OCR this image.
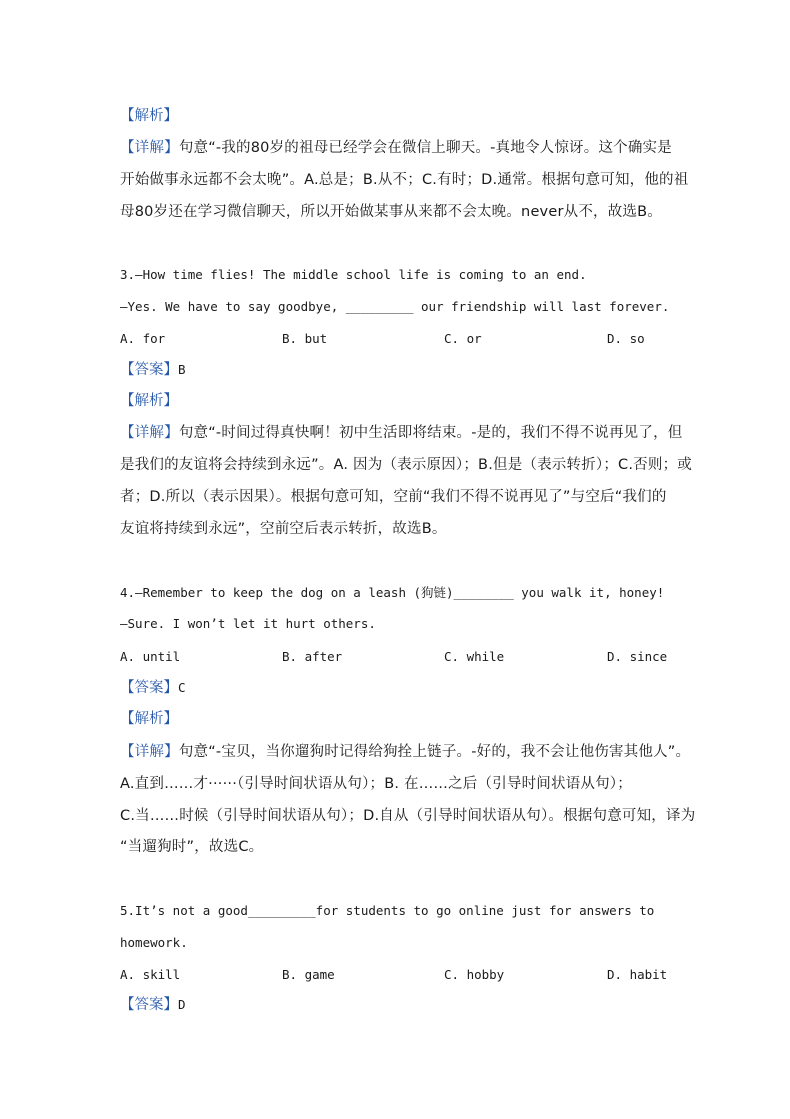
【解析】
【详解】句意“-我的80岁的祖母已经学会在微信上聊天。-真地令人惊讶。这个确实是
开始做事永远都不会太晚”。A.总是；B.从不；C.有时；D.通常。根据句意可知，他的祖
母80岁还在学习微信聊天，所以开始做某事从来都不会太晚。never从不，故选B。
3.—How time flies! The middle school life is coming to an end.
—Yes. We have to say goodbye, _________ our friendship will last forever.
A. for	B. but	C. or	D. so
【答案】B
【解析】
【详解】句意“-时间过得真快啊！初中生活即将结束。-是的，我们不得不说再见了，但
是我们的友谊将会持续到永远”。A. 因为（表示原因）；B.但是（表示转折）；C.否则；或
者；D.所以（表示因果）。根据句意可知，空前“我们不得不说再见了”与空后“我们的
友谊将持续到永远”，空前空后表示转折，故选B。
4.—Remember to keep the dog on a leash (狗链)________ you walk it, honey!
—Sure. I won’t let it hurt others.
A. until	B. after	C. while	D. since
【答案】C
【解析】
【详解】句意“-宝贝，当你遛狗时记得给狗拴上链子。-好的，我不会让他伤害其他人”。
A.直到……才······（引导时间状语从句）；B. 在……之后（引导时间状语从句）；
C.当……时候（引导时间状语从句）；D.自从（引导时间状语从句）。根据句意可知，译为
“当遛狗时”，故选C。
5.It’s not a good_________for students to go online just for answers to
homework.
A. skill	B. game	C. hobby	D. habit
【答案】D
